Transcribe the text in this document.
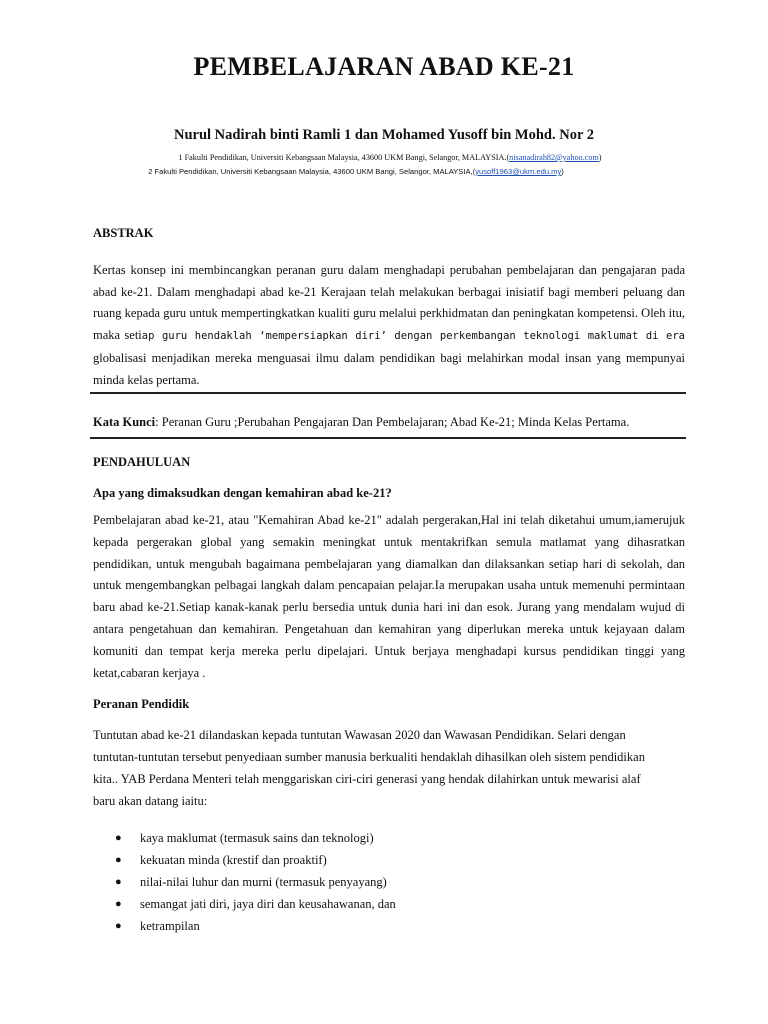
PEMBELAJARAN ABAD KE-21
Nurul Nadirah binti Ramli 1 dan Mohamed Yusoff bin Mohd. Nor 2
1 Fakulti Pendidikan, Universiti Kebangsaan Malaysia, 43600 UKM Bangi, Selangor, MALAYSIA.(nisanadirah82@yahoo.com)
2 Fakulti Pendidikan, Universiti Kebangsaan Malaysia, 43600 UKM Bangi, Selangor, MALAYSIA,(yusoff1963@ukm.edu.my)
ABSTRAK
Kertas konsep ini membincangkan peranan guru dalam menghadapi perubahan pembelajaran dan pengajaran pada abad ke-21. Dalam menghadapi abad ke-21 Kerajaan telah melakukan berbagai inisiatif bagi memberi peluang dan ruang kepada guru untuk mempertingkatkan kualiti guru melalui perkhidmatan dan peningkatan kompetensi. Oleh itu, maka setiap guru hendaklah ‘mempersiapkan diri’ dengan perkembangan teknologi maklumat di era globalisasi menjadikan mereka menguasai ilmu dalam pendidikan bagi melahirkan modal insan yang mempunyai minda kelas pertama.
Kata Kunci: Peranan Guru ;Perubahan Pengajaran Dan Pembelajaran; Abad Ke-21; Minda Kelas Pertama.
PENDAHULUAN
Apa yang dimaksudkan dengan kemahiran abad ke-21?
Pembelajaran abad ke-21, atau "Kemahiran Abad ke-21" adalah pergerakan,Hal ini telah diketahui umum,iamerujuk kepada pergerakan global yang semakin meningkat untuk mentakrifkan semula matlamat yang dihasratkan pendidikan, untuk mengubah bagaimana pembelajaran yang diamalkan dan dilaksankan setiap hari di sekolah, dan untuk mengembangkan pelbagai langkah dalam pencapaian pelajar.Ia merupakan usaha untuk memenuhi permintaan baru abad ke-21.Setiap kanak-kanak perlu bersedia untuk dunia hari ini dan esok. Jurang yang mendalam wujud di antara pengetahuan dan kemahiran. Pengetahuan dan kemahiran yang diperlukan mereka untuk kejayaan dalam komuniti dan tempat kerja mereka perlu dipelajari. Untuk berjaya menghadapi kursus pendidikan tinggi yang ketat,cabaran kerjaya .
Peranan Pendidik
Tuntutan abad ke-21 dilandaskan kepada tuntutan Wawasan 2020 dan Wawasan Pendidikan. Selari dengan
tuntutan-tuntutan tersebut penyediaan sumber manusia berkualiti hendaklah dihasilkan oleh sistem pendidikan
kita.. YAB Perdana Menteri telah menggariskan ciri-ciri generasi yang hendak dilahirkan untuk mewarisi alaf
baru akan datang iaitu:
● kaya maklumat (termasuk sains dan teknologi)
● kekuatan minda (krestif dan proaktif)
● nilai-nilai luhur dan murni (termasuk penyayang)
● semangat jati diri, jaya diri dan keusahawanan, dan
● ketrampilan
